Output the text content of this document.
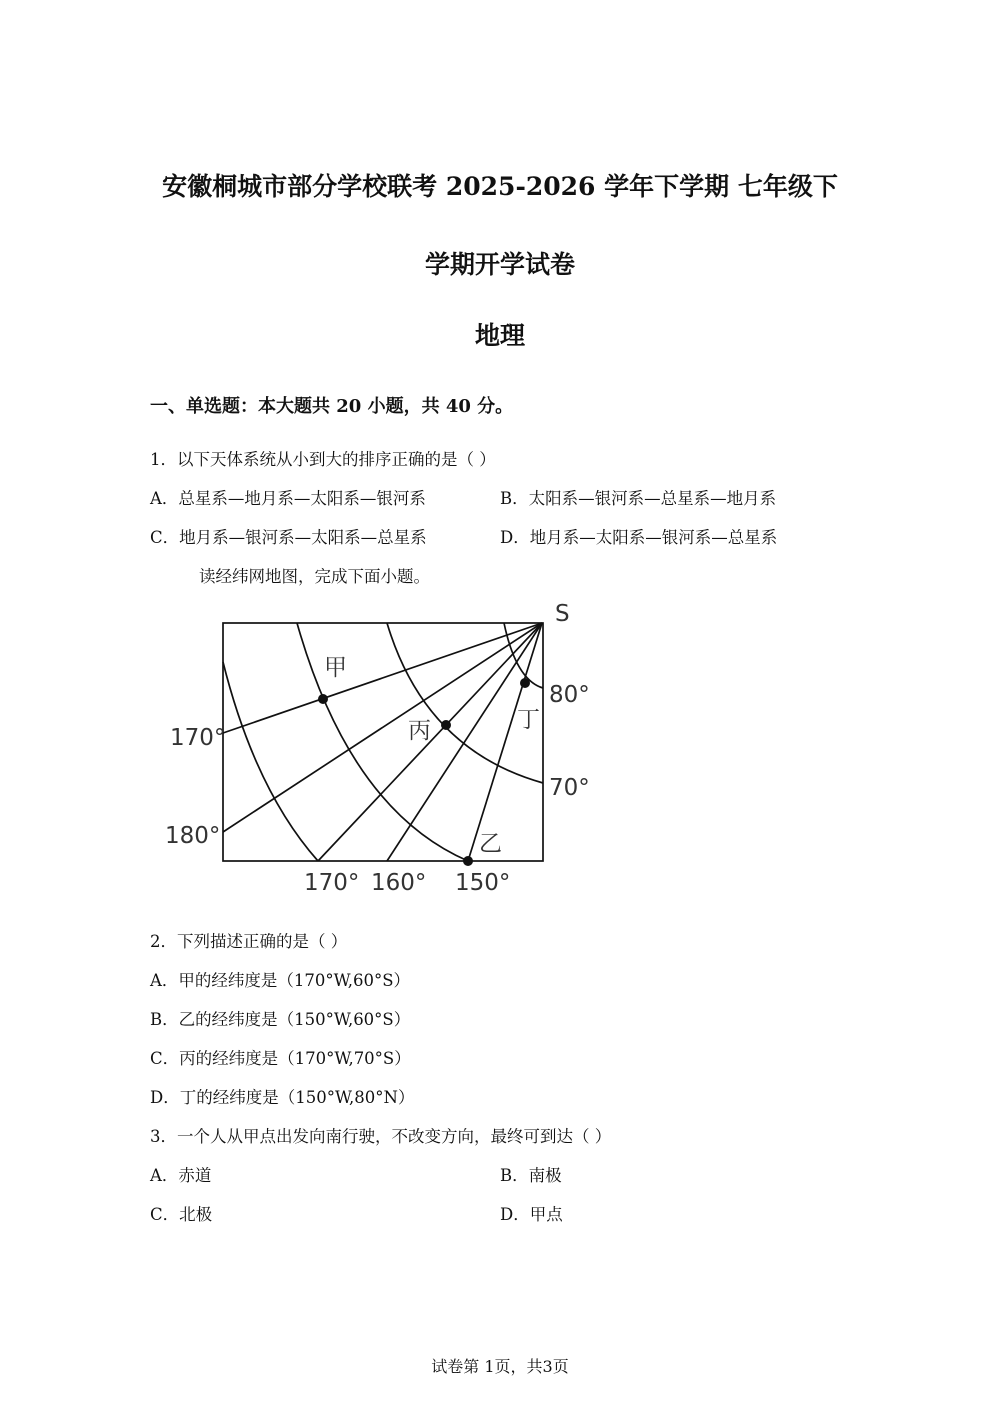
安徽桐城市部分学校联考 2025-2026 学年下学期 七年级下
学期开学试卷
地理
一、单选题：本大题共 20 小题，共 40 分。
1．以下天体系统从小到大的排序正确的是（ ）
A．总星系—地月系—太阳系—银河系	B．太阳系—银河系—总星系—地月系
C．地月系—银河系—太阳系—总星系	D．地月系—太阳系—银河系—总星系
读经纬网地图，完成下面小题。
S
80°
70°
170°
180°
170° 160° 150°
甲
丙	丁
乙
2．下列描述正确的是（ ）
A．甲的经纬度是（170°W,60°S）
B．乙的经纬度是（150°W,60°S）
C．丙的经纬度是（170°W,70°S）
D．丁的经纬度是（150°W,80°N）
3．一个人从甲点出发向南行驶，不改变方向，最终可到达（ ）
A．赤道	B．南极
C．北极	D．甲点
试卷第 1页，共3页
